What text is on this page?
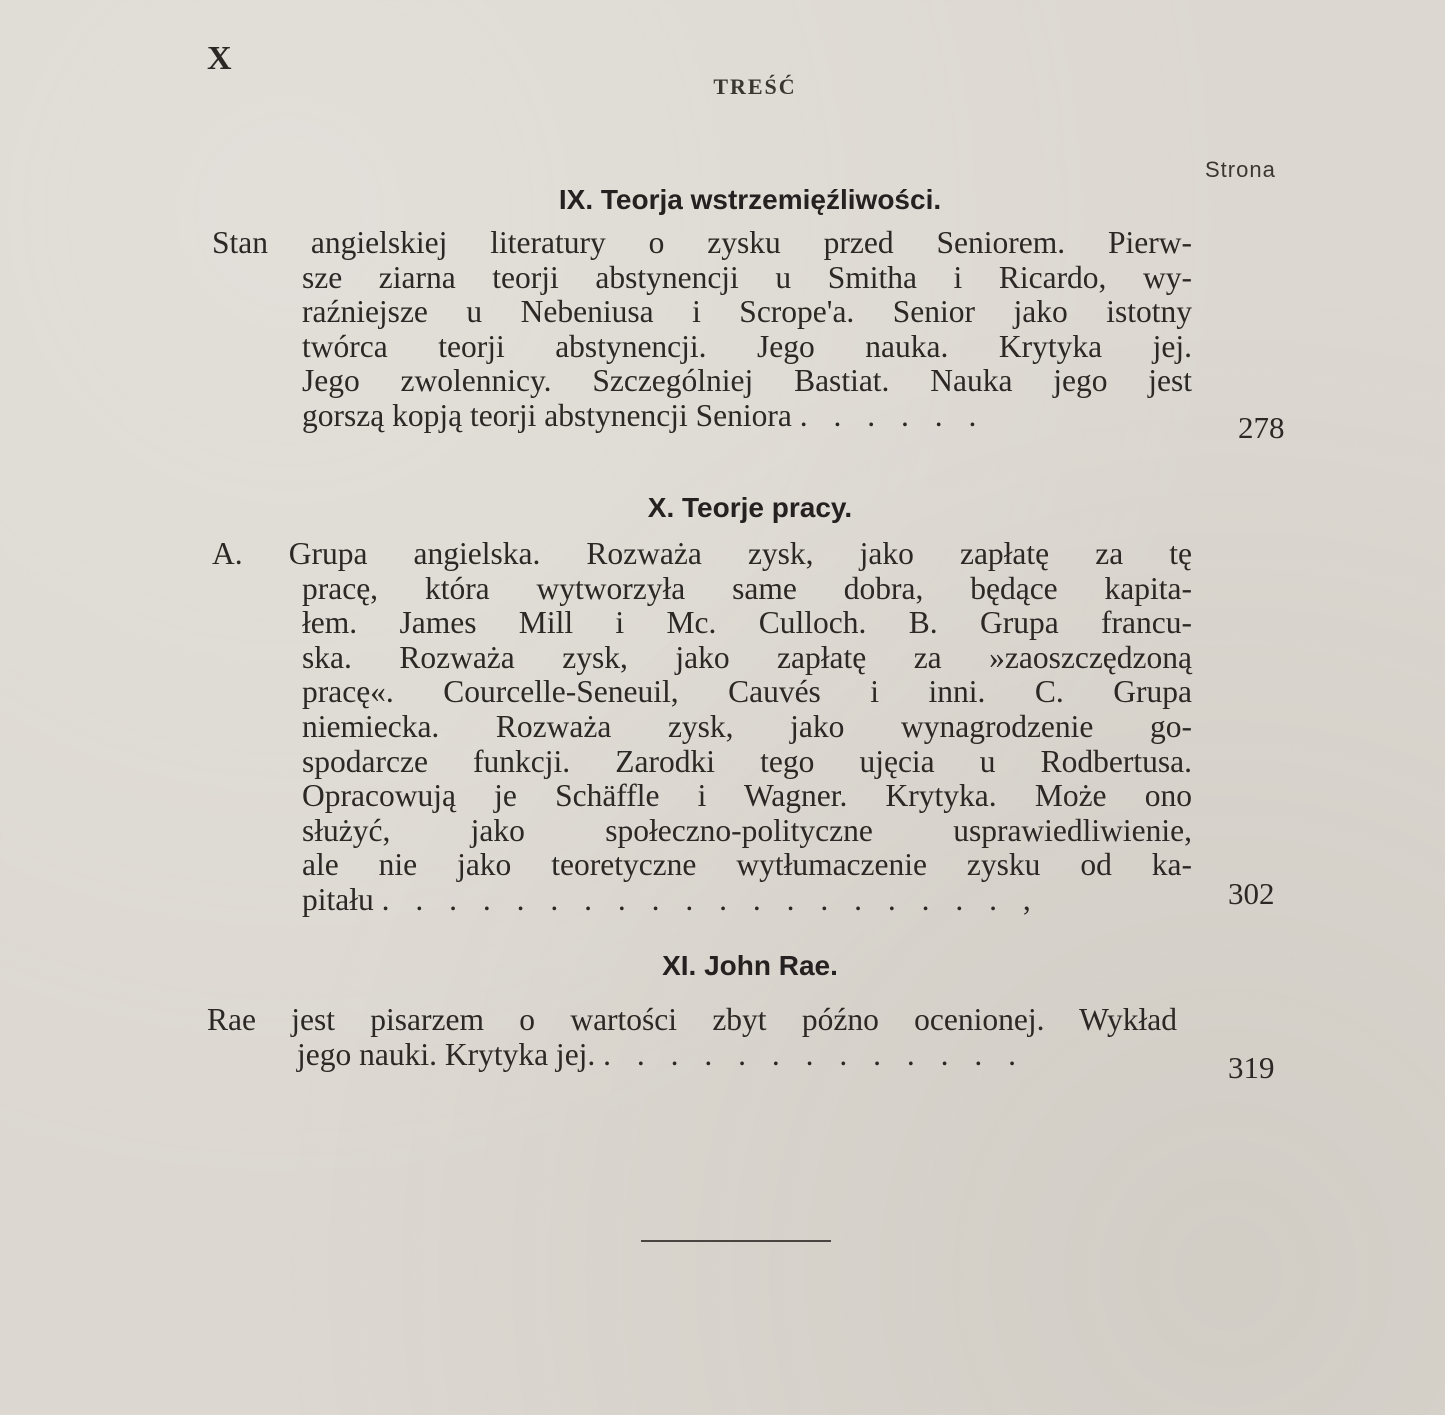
X
TREŚĆ
Strona
IX. Teorja wstrzemięźliwości.
Stan angielskiej literatury o zysku przed Seniorem. Pierw-
sze ziarna teorji abstynencji u Smitha i Ricardo, wy-
raźniejsze u Nebeniusa i Scrope'a. Senior jako istotny
twórca teorji abstynencji. Jego nauka. Krytyka jej.
Jego zwolennicy. Szczególniej Bastiat. Nauka jego jest
gorszą kopją teorji abstynencji Seniora . . . . . .	278
X. Teorje pracy.
A. Grupa angielska. Rozważa zysk, jako zapłatę za tę
pracę, która wytworzyła same dobra, będące kapita-
łem. James Mill i Mc. Culloch. B. Grupa francu-
ska. Rozważa zysk, jako zapłatę za »zaoszczędzoną
pracę«. Courcelle-Seneuil, Cauvés i inni. C. Grupa
niemiecka. Rozważa zysk, jako wynagrodzenie go-
spodarcze funkcji. Zarodki tego ujęcia u Rodbertusa.
Opracowują je Schäffle i Wagner. Krytyka. Może ono
służyć, jako społeczno-polityczne usprawiedliwienie,
ale nie jako teoretyczne wytłumaczenie zysku od ka-
pitału . . . . . . . . . . . . . . . . . . . ,	302
XI. John Rae.
Rae jest pisarzem o wartości zbyt późno ocenionej. Wykład
jego nauki. Krytyka jej. . . . . . . . . . . . . .	319
